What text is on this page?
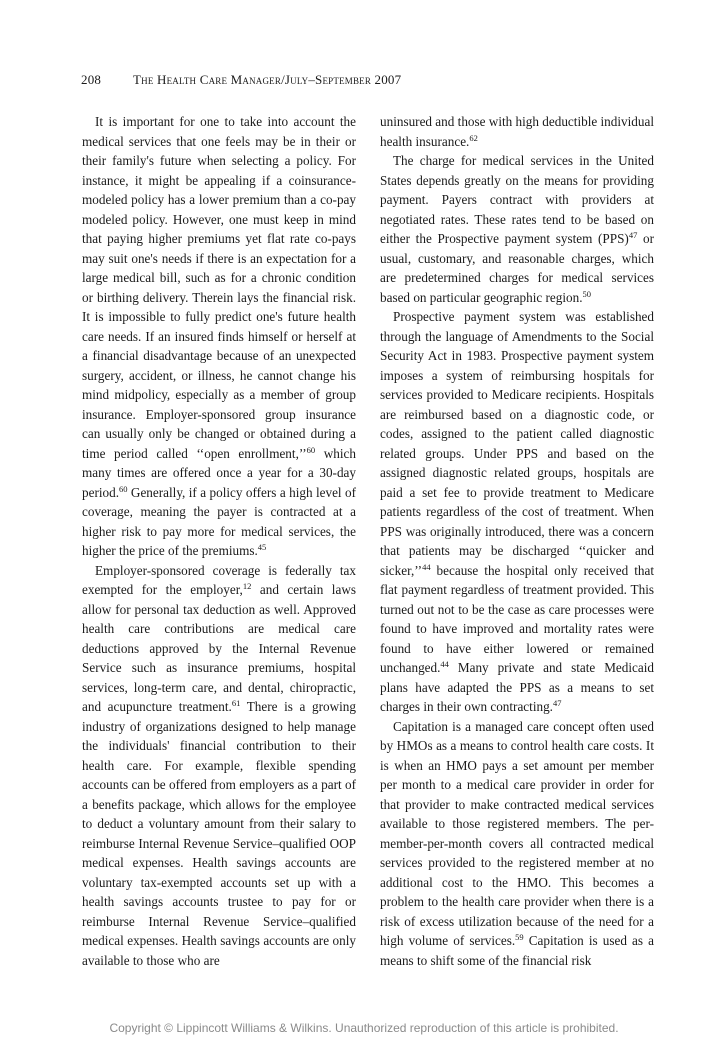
208 The Health Care Manager/July–September 2007

It is important for one to take into account the medical services that one feels may be in their or their family's future when selecting a policy. For instance, it might be appealing if a coinsurance-modeled policy has a lower premium than a co-pay modeled policy. However, one must keep in mind that paying higher premiums yet flat rate co-pays may suit one's needs if there is an expectation for a large medical bill, such as for a chronic condition or birthing delivery. Therein lays the financial risk. It is impossible to fully predict one's future health care needs. If an insured finds himself or herself at a financial disadvantage because of an unexpected surgery, accident, or illness, he cannot change his mind midpolicy, especially as a member of group insurance. Employer-sponsored group insurance can usually only be changed or obtained during a time period called ‘‘open enrollment,’’$^{60}$ which many times are offered once a year for a 30-day period.$^{60}$ Generally, if a policy offers a high level of coverage, meaning the payer is contracted at a higher risk to pay more for medical services, the higher the price of the premiums.$^{45}$

Employer-sponsored coverage is federally tax exempted for the employer,$^{12}$ and certain laws allow for personal tax deduction as well. Approved health care contributions are medical care deductions approved by the Internal Revenue Service such as insurance premiums, hospital services, long-term care, and dental, chiropractic, and acupuncture treatment.$^{61}$ There is a growing industry of organizations designed to help manage the individuals' financial contribution to their health care. For example, flexible spending accounts can be offered from employers as a part of a benefits package, which allows for the employee to deduct a voluntary amount from their salary to reimburse Internal Revenue Service–qualified OOP medical expenses. Health savings accounts are voluntary tax-exempted accounts set up with a health savings accounts trustee to pay for or reimburse Internal Revenue Service–qualified medical expenses. Health savings accounts are only available to those who are

uninsured and those with high deductible individual health insurance.$^{62}$

The charge for medical services in the United States depends greatly on the means for providing payment. Payers contract with providers at negotiated rates. These rates tend to be based on either the Prospective payment system (PPS)$^{47}$ or usual, customary, and reasonable charges, which are predetermined charges for medical services based on particular geographic region.$^{50}$

Prospective payment system was established through the language of Amendments to the Social Security Act in 1983. Prospective payment system imposes a system of reimbursing hospitals for services provided to Medicare recipients. Hospitals are reimbursed based on a diagnostic code, or codes, assigned to the patient called diagnostic related groups. Under PPS and based on the assigned diagnostic related groups, hospitals are paid a set fee to provide treatment to Medicare patients regardless of the cost of treatment. When PPS was originally introduced, there was a concern that patients may be discharged ‘‘quicker and sicker,’’$^{44}$ because the hospital only received that flat payment regardless of treatment provided. This turned out not to be the case as care processes were found to have improved and mortality rates were found to have either lowered or remained unchanged.$^{44}$ Many private and state Medicaid plans have adapted the PPS as a means to set charges in their own contracting.$^{47}$

Capitation is a managed care concept often used by HMOs as a means to control health care costs. It is when an HMO pays a set amount per member per month to a medical care provider in order for that provider to make contracted medical services available to those registered members. The per-member-per-month covers all contracted medical services provided to the registered member at no additional cost to the HMO. This becomes a problem to the health care provider when there is a risk of excess utilization because of the need for a high volume of services.$^{59}$ Capitation is used as a means to shift some of the financial risk

Copyright © Lippincott Williams & Wilkins. Unauthorized reproduction of this article is prohibited.
